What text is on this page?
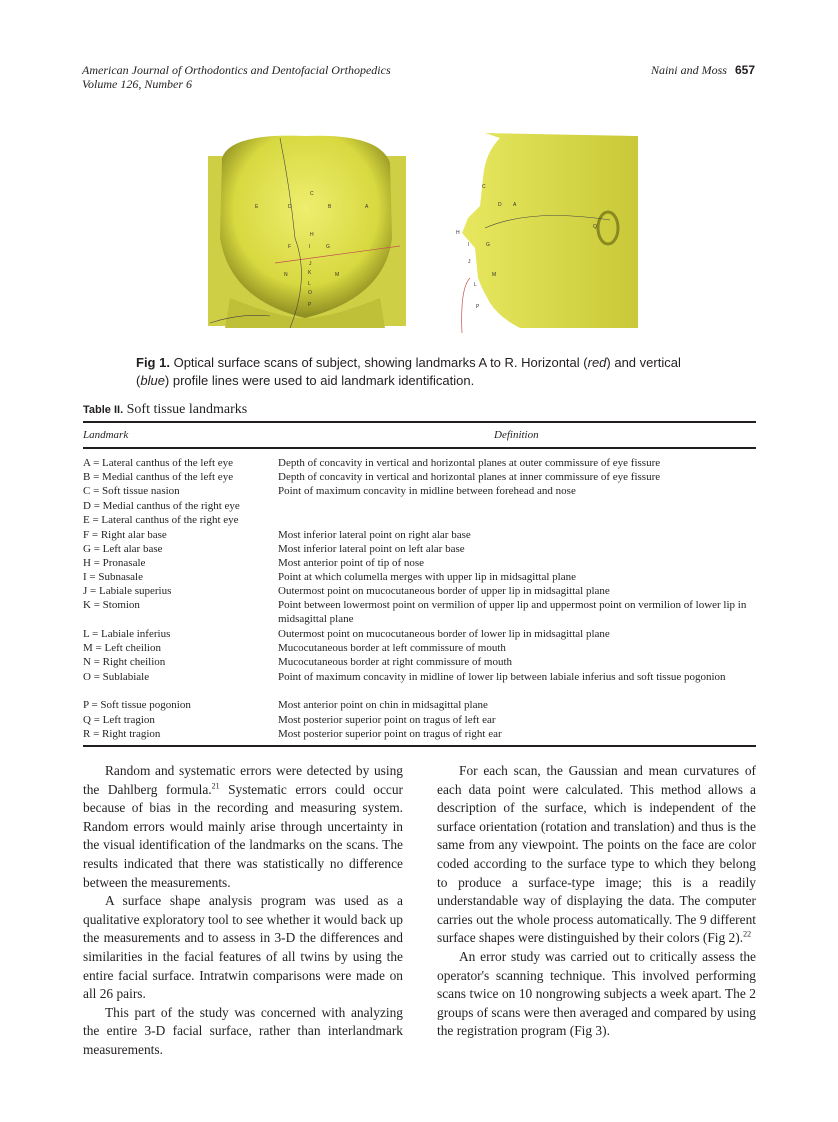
American Journal of Orthodontics and Dentofacial Orthopedics
Volume 126, Number 6
Naini and Moss 657
C
D	B	A
E
H
F	G
I
J
N	K	M
L
O
P
C
D A
H
I	G
J
M
L
P
Q
Fig 1. Optical surface scans of subject, showing landmarks A to R. Horizontal (red) and vertical (blue) profile lines were used to aid landmark identification.
Table II. Soft tissue landmarks
Landmark	Definition
A = Lateral canthus of the left eye	Depth of concavity in vertical and horizontal planes at outer commissure of eye fissure
B = Medial canthus of the left eye	Depth of concavity in vertical and horizontal planes at inner commissure of eye fissure
C = Soft tissue nasion	Point of maximum concavity in midline between forehead and nose
D = Medial canthus of the right eye
E = Lateral canthus of the right eye
F = Right alar base	Most inferior lateral point on right alar base
G = Left alar base	Most inferior lateral point on left alar base
H = Pronasale	Most anterior point of tip of nose
I = Subnasale	Point at which columella merges with upper lip in midsagittal plane
J = Labiale superius	Outermost point on mucocutaneous border of upper lip in midsagittal plane
K = Stomion	Point between lowermost point on vermilion of upper lip and uppermost point on vermilion of lower lip in midsagittal plane
L = Labiale inferius	Outermost point on mucocutaneous border of lower lip in midsagittal plane
M = Left cheilion	Mucocutaneous border at left commissure of mouth
N = Right cheilion	Mucocutaneous border at right commissure of mouth
O = Sublabiale	Point of maximum concavity in midline of lower lip between labiale inferius and soft tissue pogonion
P = Soft tissue pogonion	Most anterior point on chin in midsagittal plane
Q = Left tragion	Most posterior superior point on tragus of left ear
R = Right tragion	Most posterior superior point on tragus of right ear

Random and systematic errors were detected by using the Dahlberg formula.$^{21}$ Systematic errors could occur because of bias in the recording and measuring system. Random errors would mainly arise through uncertainty in the visual identification of the landmarks on the scans. The results indicated that there was statistically no difference between the measurements.

A surface shape analysis program was used as a qualitative exploratory tool to see whether it would back up the measurements and to assess in 3-D the differences and similarities in the facial features of all twins by using the entire facial surface. Intratwin comparisons were made on all 26 pairs.

This part of the study was concerned with analyzing the entire 3-D facial surface, rather than interlandmark measurements.

For each scan, the Gaussian and mean curvatures of each data point were calculated. This method allows a description of the surface, which is independent of the surface orientation (rotation and translation) and thus is the same from any viewpoint. The points on the face are color coded according to the surface type to which they belong to produce a surface-type image; this is a readily understandable way of displaying the data. The computer carries out the whole process automatically. The 9 different surface shapes were distinguished by their colors (Fig 2).$^{22}$

An error study was carried out to critically assess the operator's scanning technique. This involved performing scans twice on 10 nongrowing subjects a week apart. The 2 groups of scans were then averaged and compared by using the registration program (Fig 3).
